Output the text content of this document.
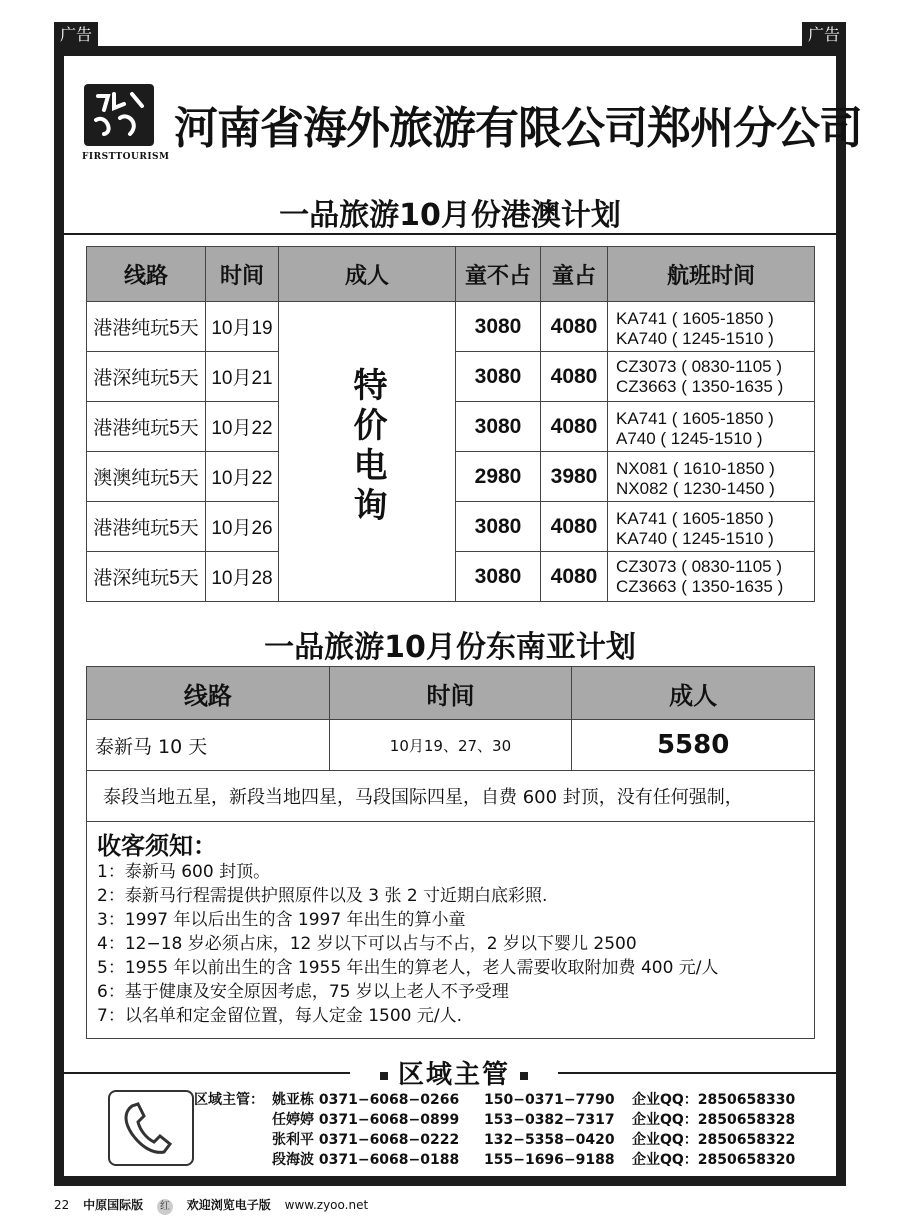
广告	广告
FIRSTTOURISM
河南省海外旅游有限公司郑州分公司
一品旅游10月份港澳计划
线路	时间	成人	童不占	童占	航班时间
港港纯玩5天	10月19	特价电询	3080	4080	KA741 ( 1605-1850 )　KA740 ( 1245-1510 )
港深纯玩5天	10月21		3080	4080	CZ3073 ( 0830-1105 ) CZ3663 ( 1350-1635 )
港港纯玩5天	10月22		3080	4080	KA741 ( 1605-1850 )　 A740 ( 1245-1510 )
澳澳纯玩5天	10月22		2980	3980	NX081 ( 1610-1850 )　NX082 ( 1230-1450 )
港港纯玩5天	10月26		3080	4080	KA741 ( 1605-1850 )　KA740 ( 1245-1510 )
港深纯玩5天	10月28		3080	4080	CZ3073 ( 0830-1105 ) CZ3663 ( 1350-1635 )
一品旅游10月份东南亚计划
线路	时间	成人
泰新马 10 天	10月19、27、30	5580
泰段当地五星，新段当地四星，马段国际四星，自费 600 封顶，没有任何强制，		
收客须知：
1：泰新马 600 封顶。
2：泰新马行程需提供护照原件以及 3 张 2 寸近期白底彩照.
3：1997 年以后出生的含 1997 年出生的算小童
4：12−18 岁必须占床，12 岁以下可以占与不占，2 岁以下婴儿 2500
5：1955 年以前出生的含 1955 年出生的算老人，老人需要收取附加费 400 元/人
6：基于健康及安全原因考虑，75 岁以上老人不予受理
7：以名单和定金留位置，每人定金 1500 元/人.
区域主管
区域主管： 姚亚栋 0371−6068−0266 150−0371−7790 企业QQ：2850658330
任婷婷 0371−6068−0899 153−0382−7317 企业QQ：2850658328
张利平 0371−6068−0222 132−5358−0420 企业QQ：2850658322
段海波 0371−6068−0188 155−1696−9188 企业QQ：2850658320
22 中原国际版 红 欢迎浏览电子版 www.zyoo.net
